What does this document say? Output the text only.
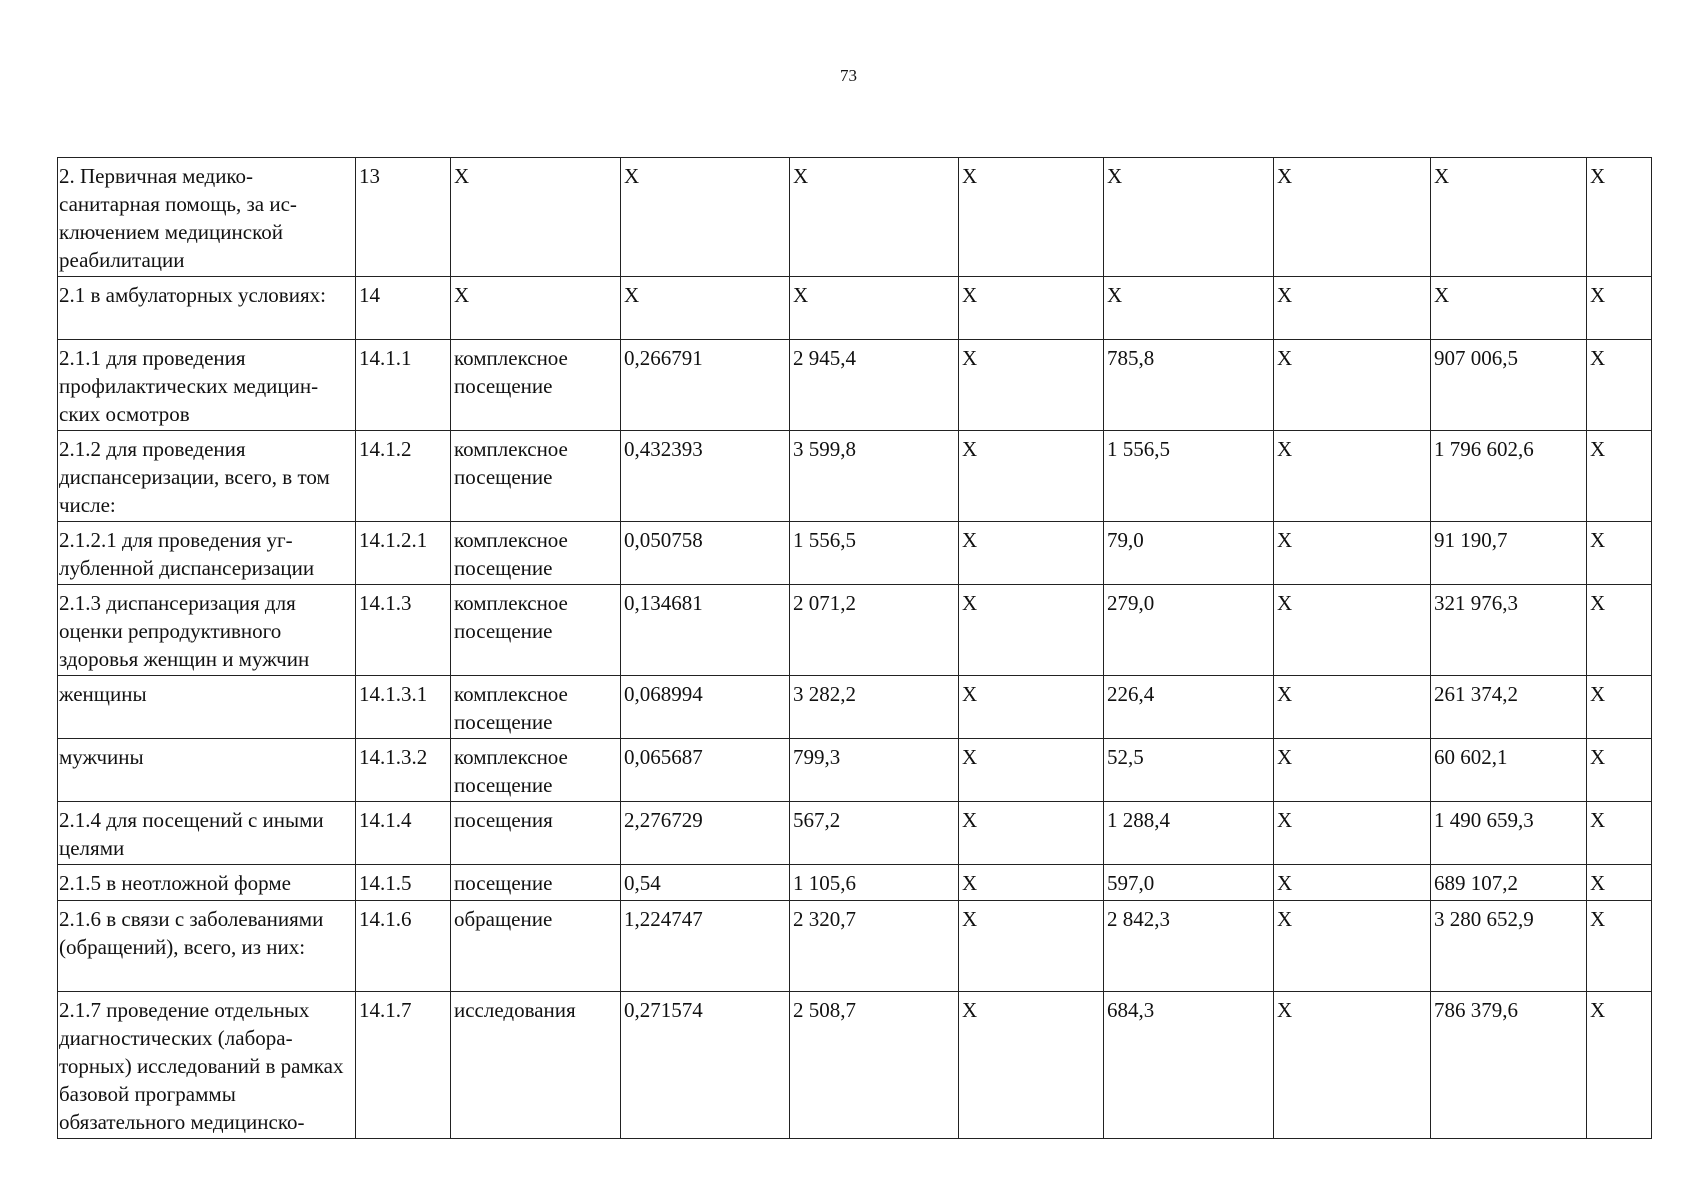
73
2. Первичная медико-санитарная помощь, за ис-ключением медицинской реабилитации	13	X	X	X	X	X	X	X	X
2.1 в амбулаторных условиях:	14	X	X	X	X	X	X	X	X
2.1.1 для проведения профилактических медицин-ских осмотров	14.1.1	комплексное посещение	0,266791	2 945,4	X	785,8	X	907 006,5	X
2.1.2 для проведения диспансеризации, всего, в том числе:	14.1.2	комплексное посещение	0,432393	3 599,8	X	1 556,5	X	1 796 602,6	X
2.1.2.1 для проведения уг-лубленной диспансеризации	14.1.2.1	комплексное посещение	0,050758	1 556,5	X	79,0	X	91 190,7	X
2.1.3 диспансеризация для оценки репродуктивного здоровья женщин и мужчин	14.1.3	комплексное посещение	0,134681	2 071,2	X	279,0	X	321 976,3	X
женщины	14.1.3.1	комплексное посещение	0,068994	3 282,2	X	226,4	X	261 374,2	X
мужчины	14.1.3.2	комплексное посещение	0,065687	799,3	X	52,5	X	60 602,1	X
2.1.4 для посещений с иными целями	14.1.4	посещения	2,276729	567,2	X	1 288,4	X	1 490 659,3	X
2.1.5 в неотложной форме	14.1.5	посещение	0,54	1 105,6	X	597,0	X	689 107,2	X
2.1.6 в связи с заболеваниями (обращений), всего, из них:	14.1.6	обращение	1,224747	2 320,7	X	2 842,3	X	3 280 652,9	X
2.1.7 проведение отдельных диагностических (лабора-торных) исследований в рамках базовой программы обязательного медицинско-	14.1.7	исследования	0,271574	2 508,7	X	684,3	X	786 379,6	X
